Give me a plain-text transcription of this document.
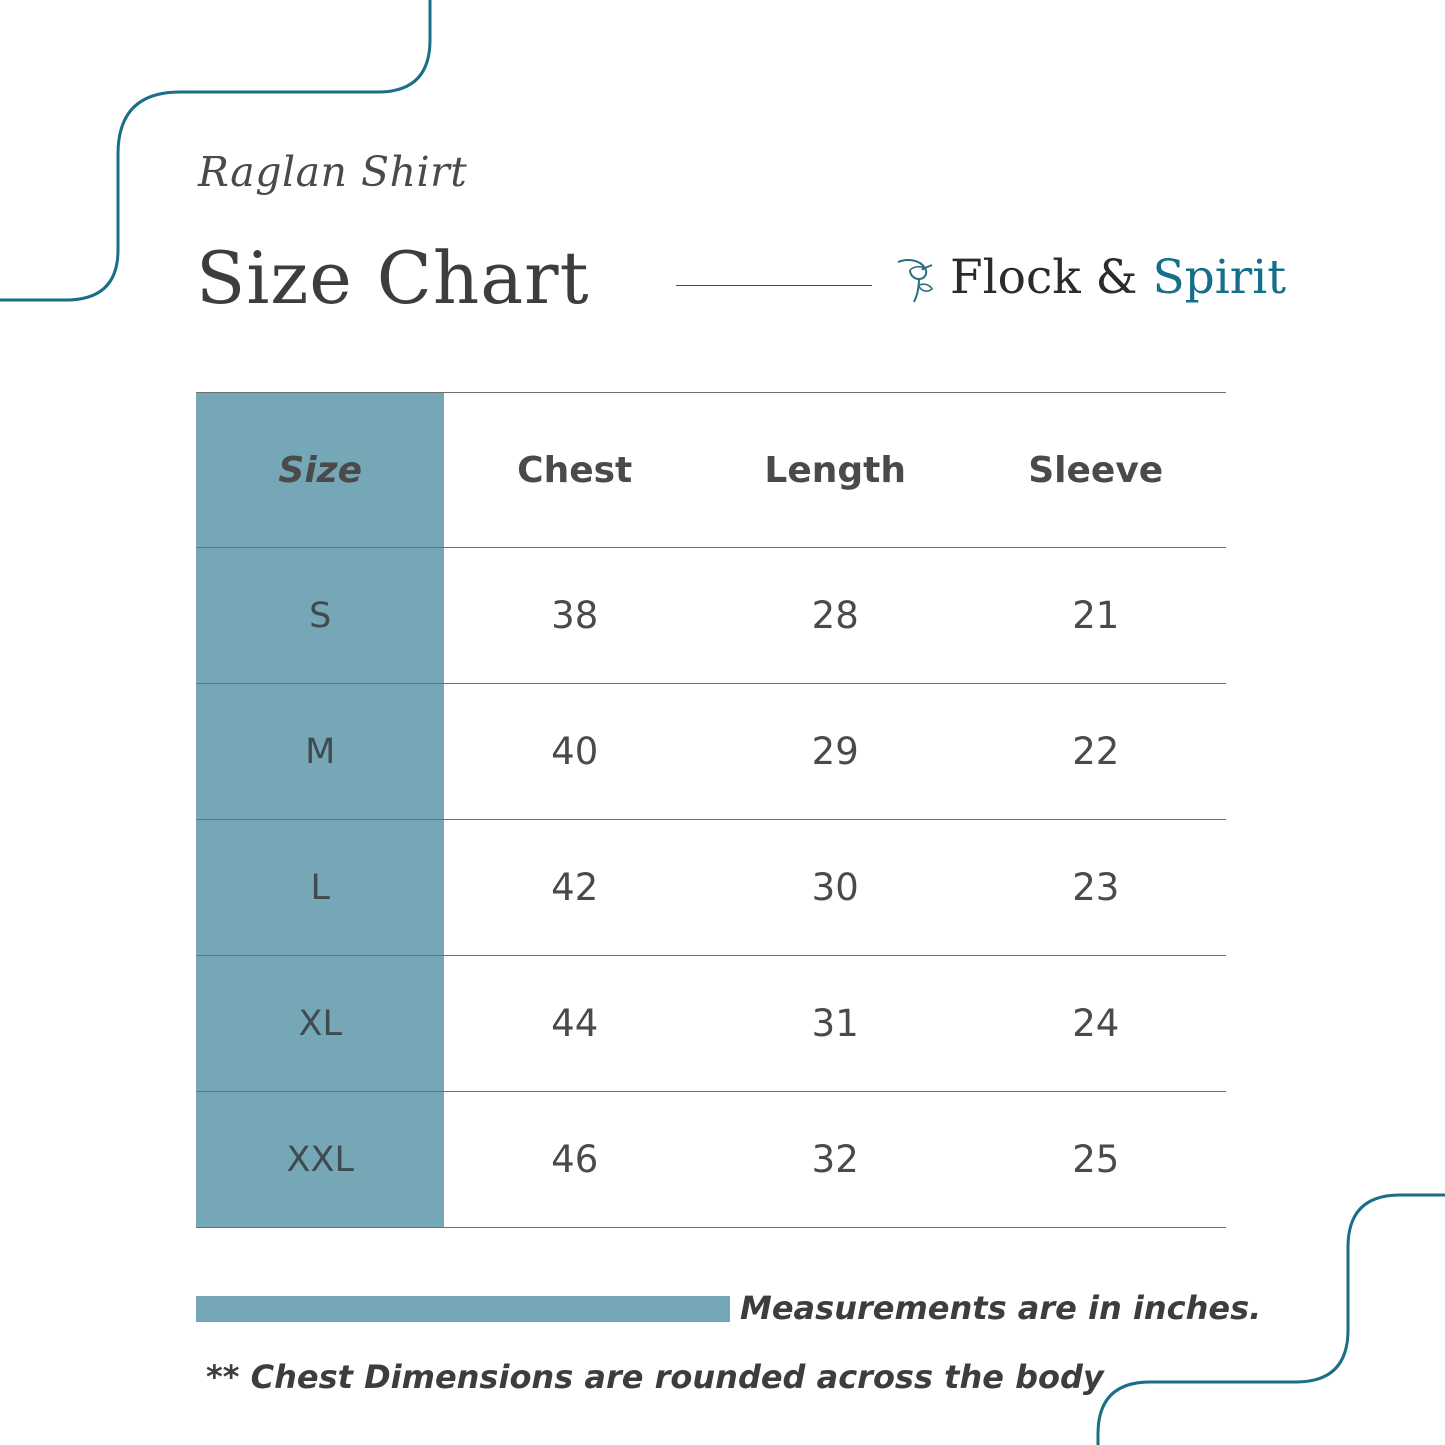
Raglan Shirt
Size Chart	Flock & Spirit
Size	Chest	Length	Sleeve
S	38	28	21
M	40	29	22
L	42	30	23
XL	44	31	24
XXL	46	32	25
Measurements are in inches.
** Chest Dimensions are rounded across the body
